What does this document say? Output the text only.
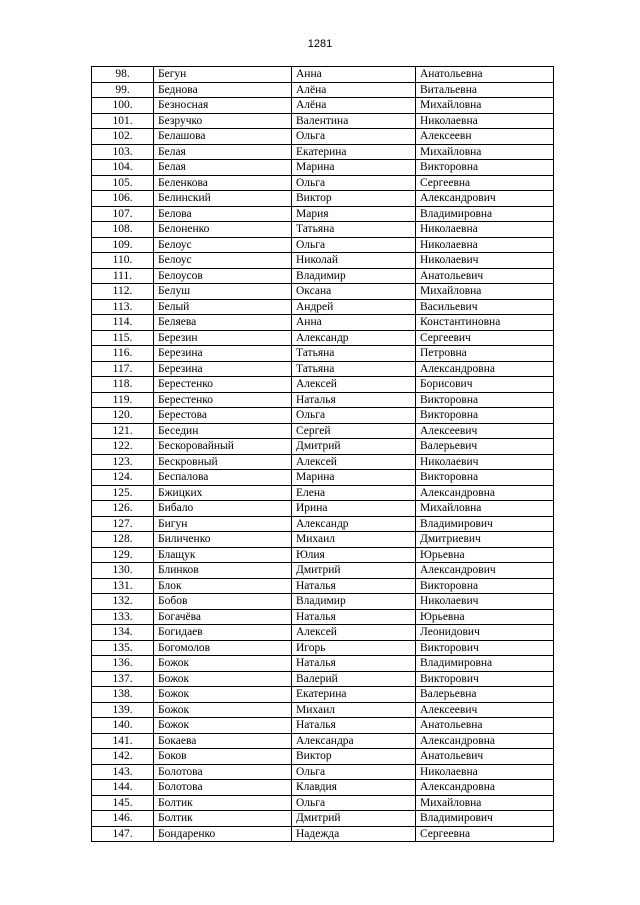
1281
98.	Бегун	Анна	Анатольевна
99.	Беднова	Алёна	Витальевна
100.	Безносная	Алёна	Михайловна
101.	Безручко	Валентина	Николаевна
102.	Белашова	Ольга	Алексеевн
103.	Белая	Екатерина	Михайловна
104.	Белая	Марина	Викторовна
105.	Беленкова	Ольга	Сергеевна
106.	Белинский	Виктор	Александрович
107.	Белова	Мария	Владимировна
108.	Белоненко	Татьяна	Николаевна
109.	Белоус	Ольга	Николаевна
110.	Белоус	Николай	Николаевич
111.	Белоусов	Владимир	Анатольевич
112.	Белуш	Оксана	Михайловна
113.	Белый	Андрей	Васильевич
114.	Беляева	Анна	Константиновна
115.	Березин	Александр	Сергеевич
116.	Березина	Татьяна	Петровна
117.	Березина	Татьяна	Александровна
118.	Берестенко	Алексей	Борисович
119.	Берестенко	Наталья	Викторовна
120.	Берестова	Ольга	Викторовна
121.	Беседин	Сергей	Алексеевич
122.	Бескоровайный	Дмитрий	Валерьевич
123.	Бескровный	Алексей	Николаевич
124.	Беспалова	Марина	Викторовна
125.	Бжицких	Елена	Александровна
126.	Бибало	Ирина	Михайловна
127.	Бигун	Александр	Владимирович
128.	Биличенко	Михаил	Дмитриевич
129.	Блащук	Юлия	Юрьевна
130.	Блинков	Дмитрий	Александрович
131.	Блок	Наталья	Викторовна
132.	Бобов	Владимир	Николаевич
133.	Богачёва	Наталья	Юрьевна
134.	Богидаев	Алексей	Леонидович
135.	Богомолов	Игорь	Викторович
136.	Божок	Наталья	Владимировна
137.	Божок	Валерий	Викторович
138.	Божок	Екатерина	Валерьевна
139.	Божок	Михаил	Алексеевич
140.	Божок	Наталья	Анатольевна
141.	Бокаева	Александра	Александровна
142.	Боков	Виктор	Анатольевич
143.	Болотова	Ольга	Николаевна
144.	Болотова	Клавдия	Александровна
145.	Болтик	Ольга	Михайловна
146.	Болтик	Дмитрий	Владимирович
147.	Бондаренко	Надежда	Сергеевна
